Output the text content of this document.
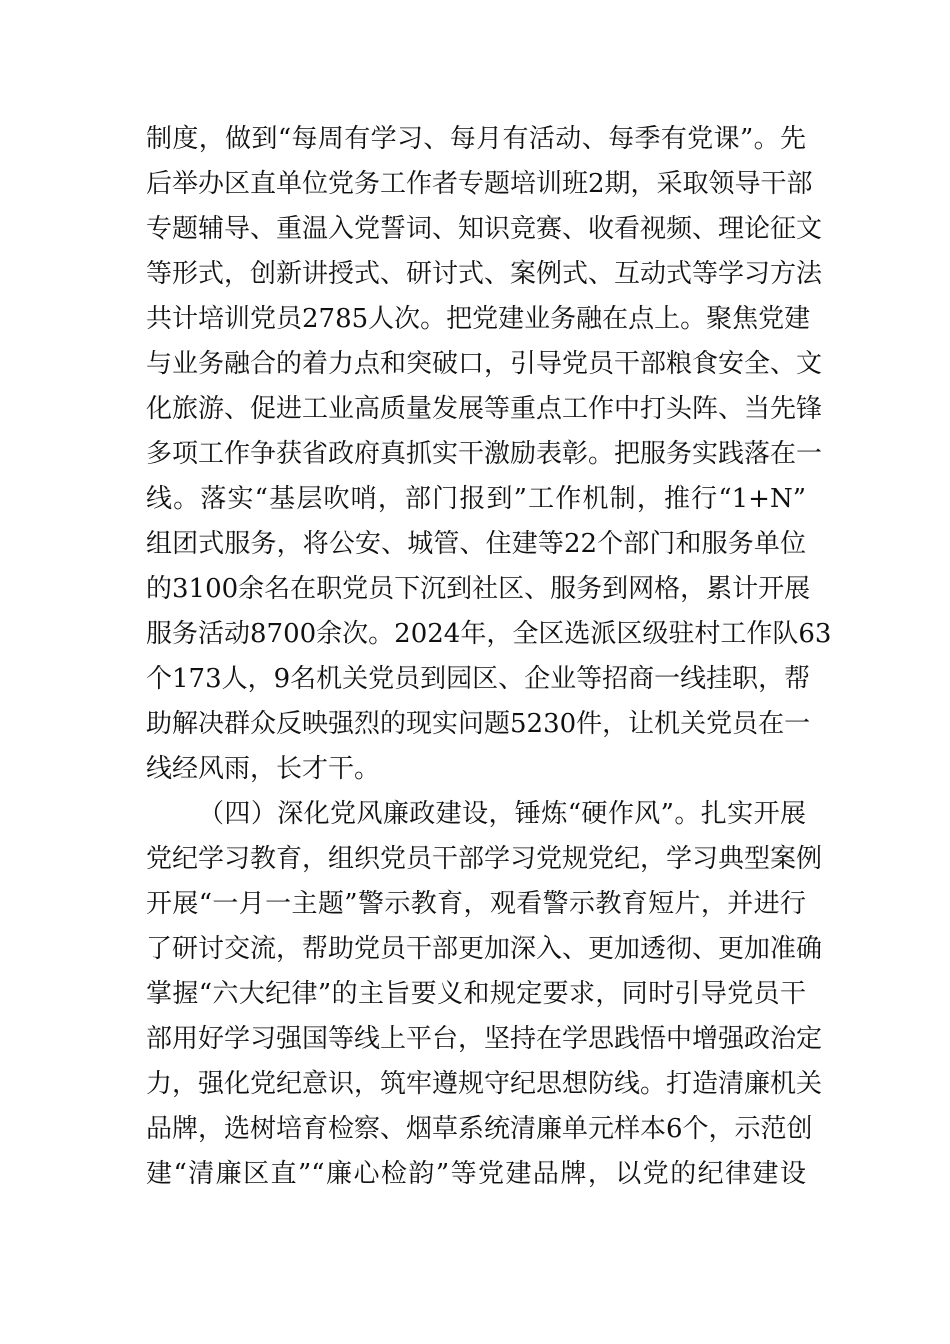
制度，做到“每周有学习、每月有活动、每季有党课”。先
后举办区直单位党务工作者专题培训班2期，采取领导干部
专题辅导、重温入党誓词、知识竞赛、收看视频、理论征文
等形式，创新讲授式、研讨式、案例式、互动式等学习方法
共计培训党员2785人次。把党建业务融在点上。聚焦党建
与业务融合的着力点和突破口，引导党员干部粮食安全、文
化旅游、促进工业高质量发展等重点工作中打头阵、当先锋
多项工作争获省政府真抓实干激励表彰。把服务实践落在一
线。落实“基层吹哨，部门报到”工作机制，推行“1+N”
组团式服务，将公安、城管、住建等22个部门和服务单位
的3100余名在职党员下沉到社区、服务到网格，累计开展
服务活动8700余次。2024年，全区选派区级驻村工作队63
个173人，9名机关党员到园区、企业等招商一线挂职，帮
助解决群众反映强烈的现实问题5230件，让机关党员在一
线经风雨，长才干。
（四）深化党风廉政建设，锤炼“硬作风”。扎实开展
党纪学习教育，组织党员干部学习党规党纪，学习典型案例
开展“一月一主题”警示教育，观看警示教育短片，并进行
了研讨交流，帮助党员干部更加深入、更加透彻、更加准确
掌握“六大纪律”的主旨要义和规定要求，同时引导党员干
部用好学习强国等线上平台，坚持在学思践悟中增强政治定
力，强化党纪意识，筑牢遵规守纪思想防线。打造清廉机关
品牌，选树培育检察、烟草系统清廉单元样本6个，示范创
建“清廉区直”“廉心检韵”等党建品牌，以党的纪律建设
